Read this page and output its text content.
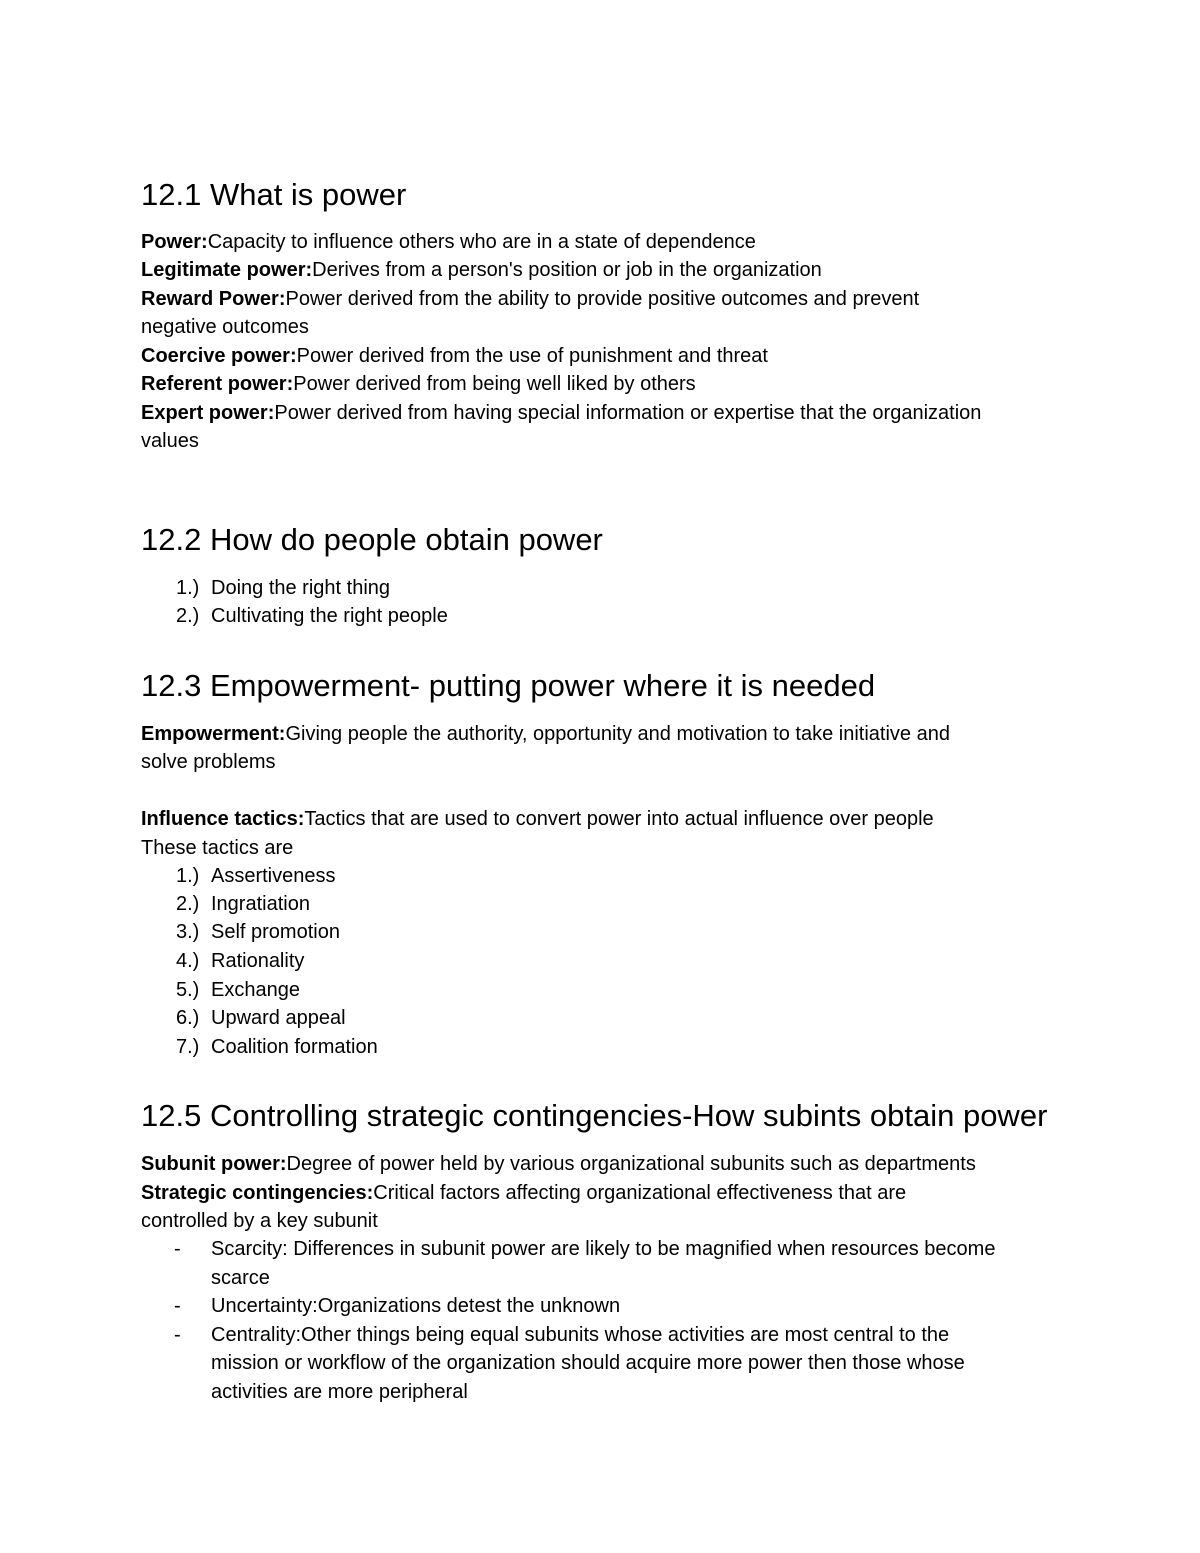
12.1 What is power
Power:Capacity to influence others who are in a state of dependence
Legitimate power:Derives from a person's position or job in the organization
Reward Power:Power derived from the ability to provide positive outcomes and prevent
negative outcomes
Coercive power:Power derived from the use of punishment and threat
Referent power:Power derived from being well liked by others
Expert power:Power derived from having special information or expertise that the organization
values
12.2 How do people obtain power
1.) Doing the right thing
2.) Cultivating the right people
12.3 Empowerment- putting power where it is needed
Empowerment:Giving people the authority, opportunity and motivation to take initiative and
solve problems
Influence tactics:Tactics that are used to convert power into actual influence over people
These tactics are
1.) Assertiveness
2.) Ingratiation
3.) Self promotion
4.) Rationality
5.) Exchange
6.) Upward appeal
7.) Coalition formation
12.5 Controlling strategic contingencies-How subints obtain power
Subunit power:Degree of power held by various organizational subunits such as departments
Strategic contingencies:Critical factors affecting organizational effectiveness that are
controlled by a key subunit
- Scarcity: Differences in subunit power are likely to be magnified when resources become
scarce
- Uncertainty:Organizations detest the unknown
- Centrality:Other things being equal subunits whose activities are most central to the
mission or workflow of the organization should acquire more power then those whose
activities are more peripheral
